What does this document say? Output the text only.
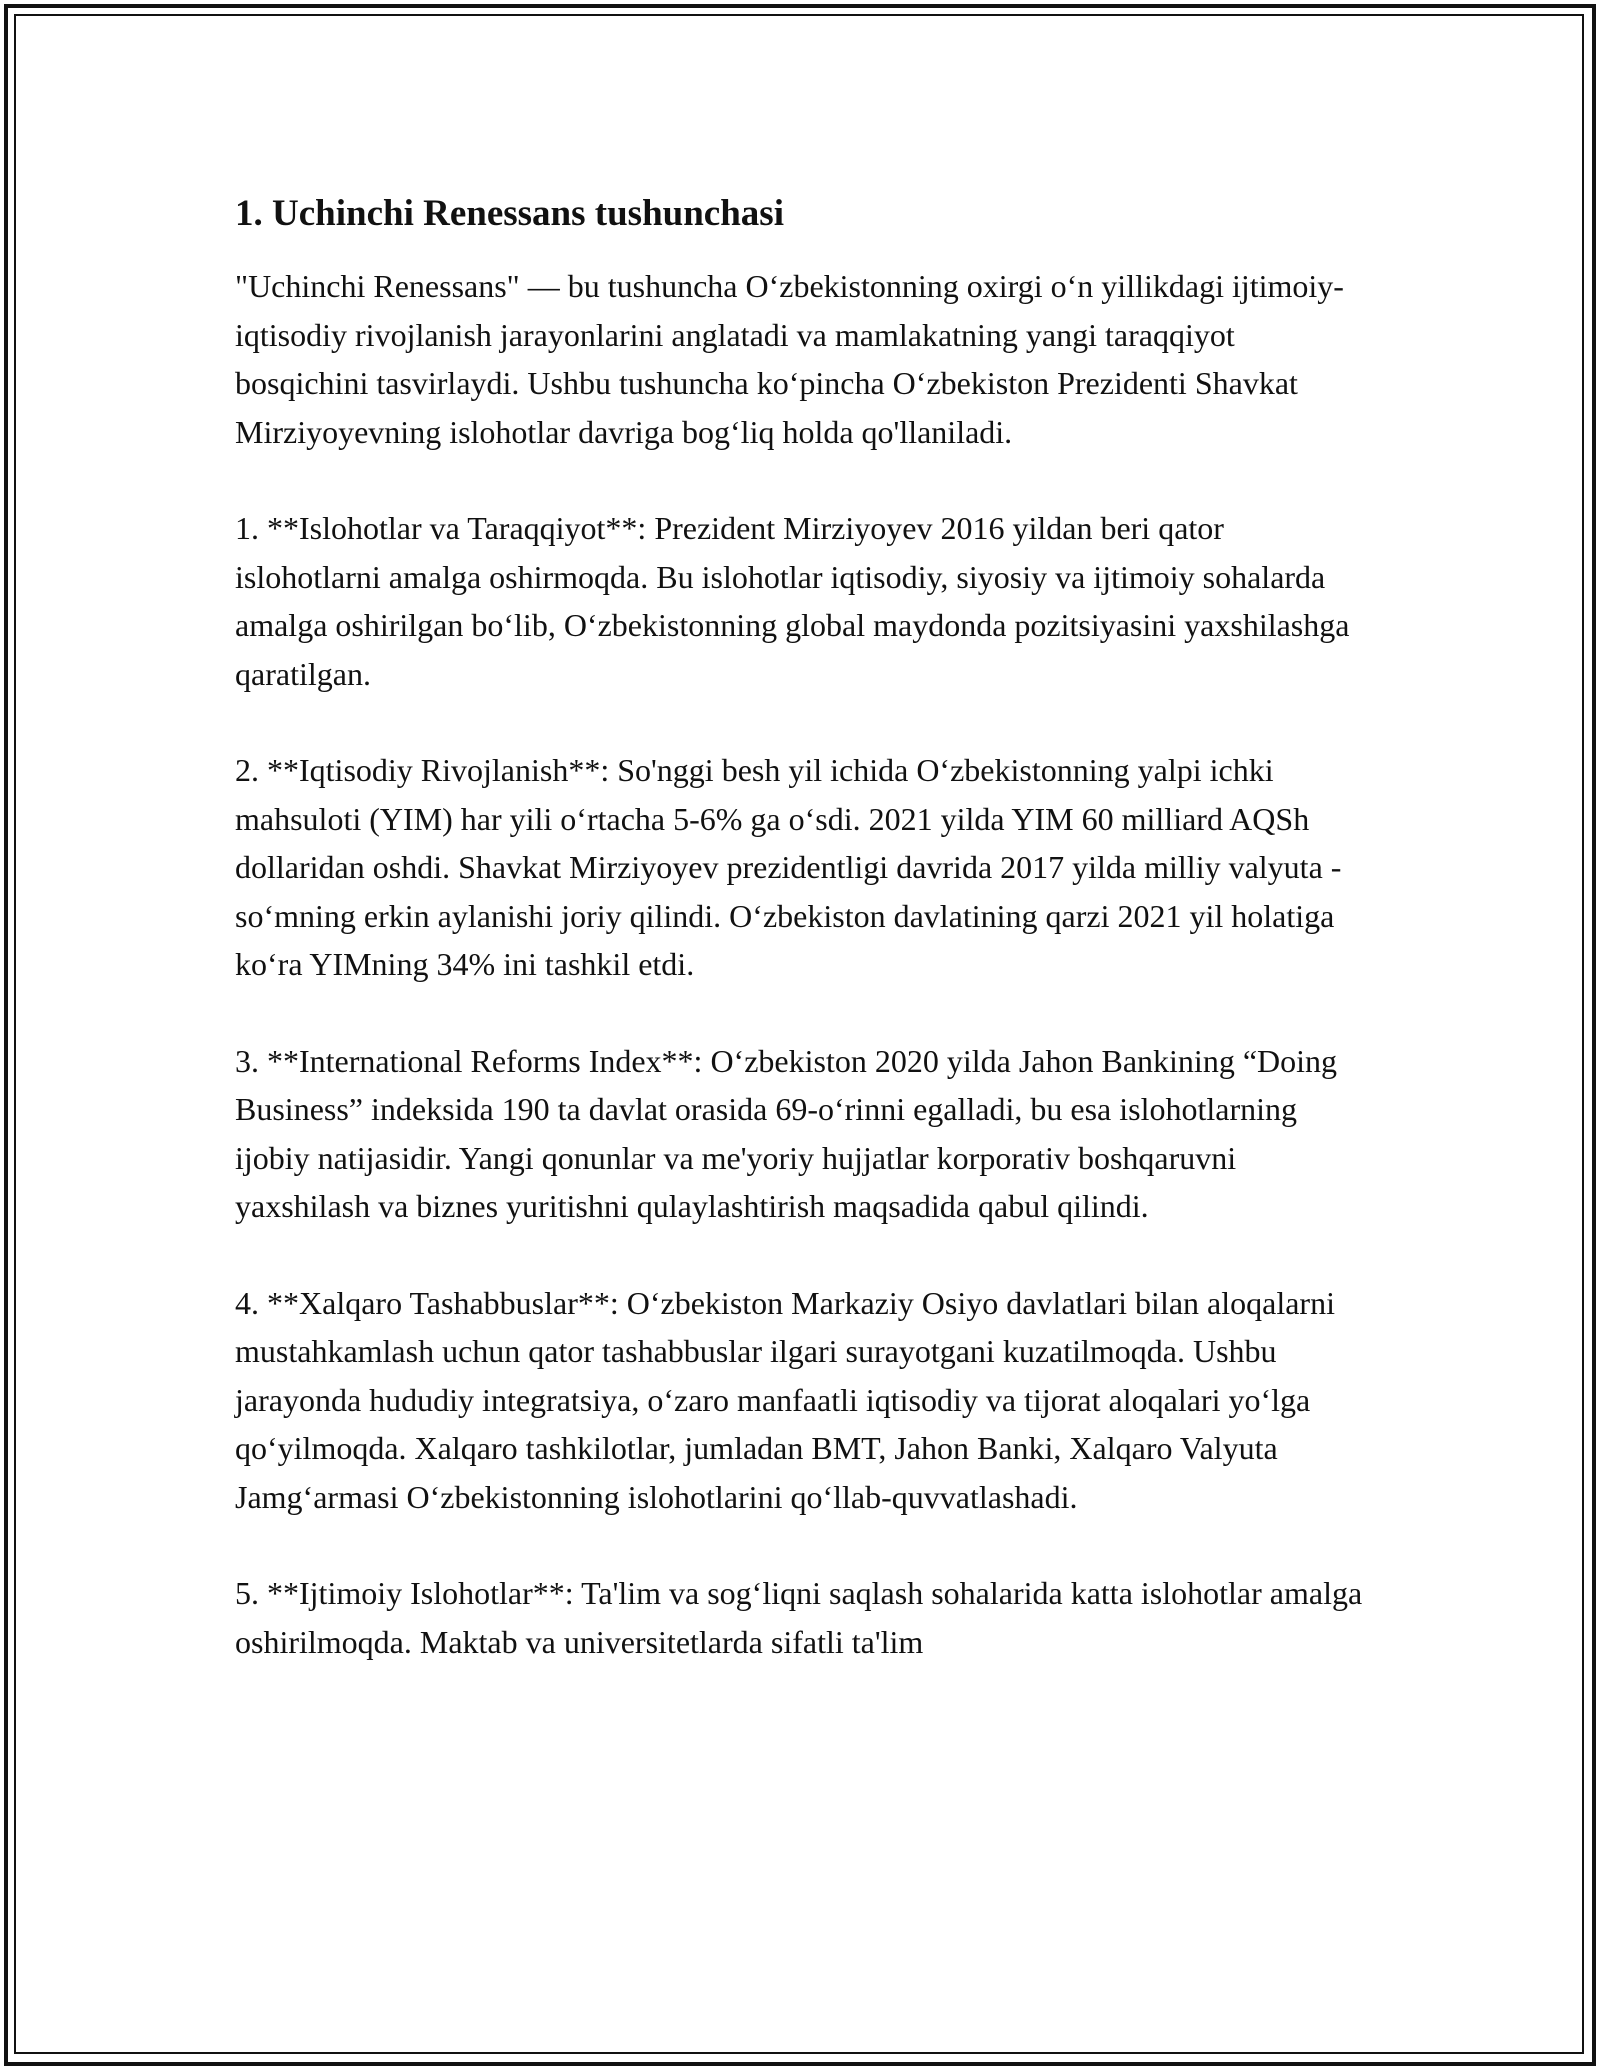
1. Uchinchi Renessans tushunchasi

"Uchinchi Renessans" — bu tushuncha O‘zbekistonning oxirgi o‘n yillikdagi ijtimoiy-iqtisodiy rivojlanish jarayonlarini anglatadi va mamlakatning yangi taraqqiyot bosqichini tasvirlaydi. Ushbu tushuncha ko‘pincha O‘zbekiston Prezidenti Shavkat Mirziyoyevning islohotlar davriga bog‘liq holda qo'llaniladi.

1. **Islohotlar va Taraqqiyot**: Prezident Mirziyoyev 2016 yildan beri qator islohotlarni amalga oshirmoqda. Bu islohotlar iqtisodiy, siyosiy va ijtimoiy sohalarda amalga oshirilgan bo‘lib, O‘zbekistonning global maydonda pozitsiyasini yaxshilashga qaratilgan.

2. **Iqtisodiy Rivojlanish**: So'nggi besh yil ichida O‘zbekistonning yalpi ichki mahsuloti (YIM) har yili o‘rtacha 5-6% ga o‘sdi. 2021 yilda YIM 60 milliard AQSh dollaridan oshdi. Shavkat Mirziyoyev prezidentligi davrida 2017 yilda milliy valyuta - so‘mning erkin aylanishi joriy qilindi. O‘zbekiston davlatining qarzi 2021 yil holatiga ko‘ra YIMning 34% ini tashkil etdi.

3. **International Reforms Index**: O‘zbekiston 2020 yilda Jahon Bankining “Doing Business” indeksida 190 ta davlat orasida 69-o‘rinni egalladi, bu esa islohotlarning ijobiy natijasidir. Yangi qonunlar va me'yoriy hujjatlar korporativ boshqaruvni yaxshilash va biznes yuritishni qulaylashtirish maqsadida qabul qilindi.

4. **Xalqaro Tashabbuslar**: O‘zbekiston Markaziy Osiyo davlatlari bilan aloqalarni mustahkamlash uchun qator tashabbuslar ilgari surayotgani kuzatilmoqda. Ushbu jarayonda hududiy integratsiya, o‘zaro manfaatli iqtisodiy va tijorat aloqalari yo‘lga qo‘yilmoqda. Xalqaro tashkilotlar, jumladan BMT, Jahon Banki, Xalqaro Valyuta Jamg‘armasi O‘zbekistonning islohotlarini qo‘llab-quvvatlashadi.

5. **Ijtimoiy Islohotlar**: Ta'lim va sog‘liqni saqlash sohalarida katta islohotlar amalga oshirilmoqda. Maktab va universitetlarda sifatli ta'lim
